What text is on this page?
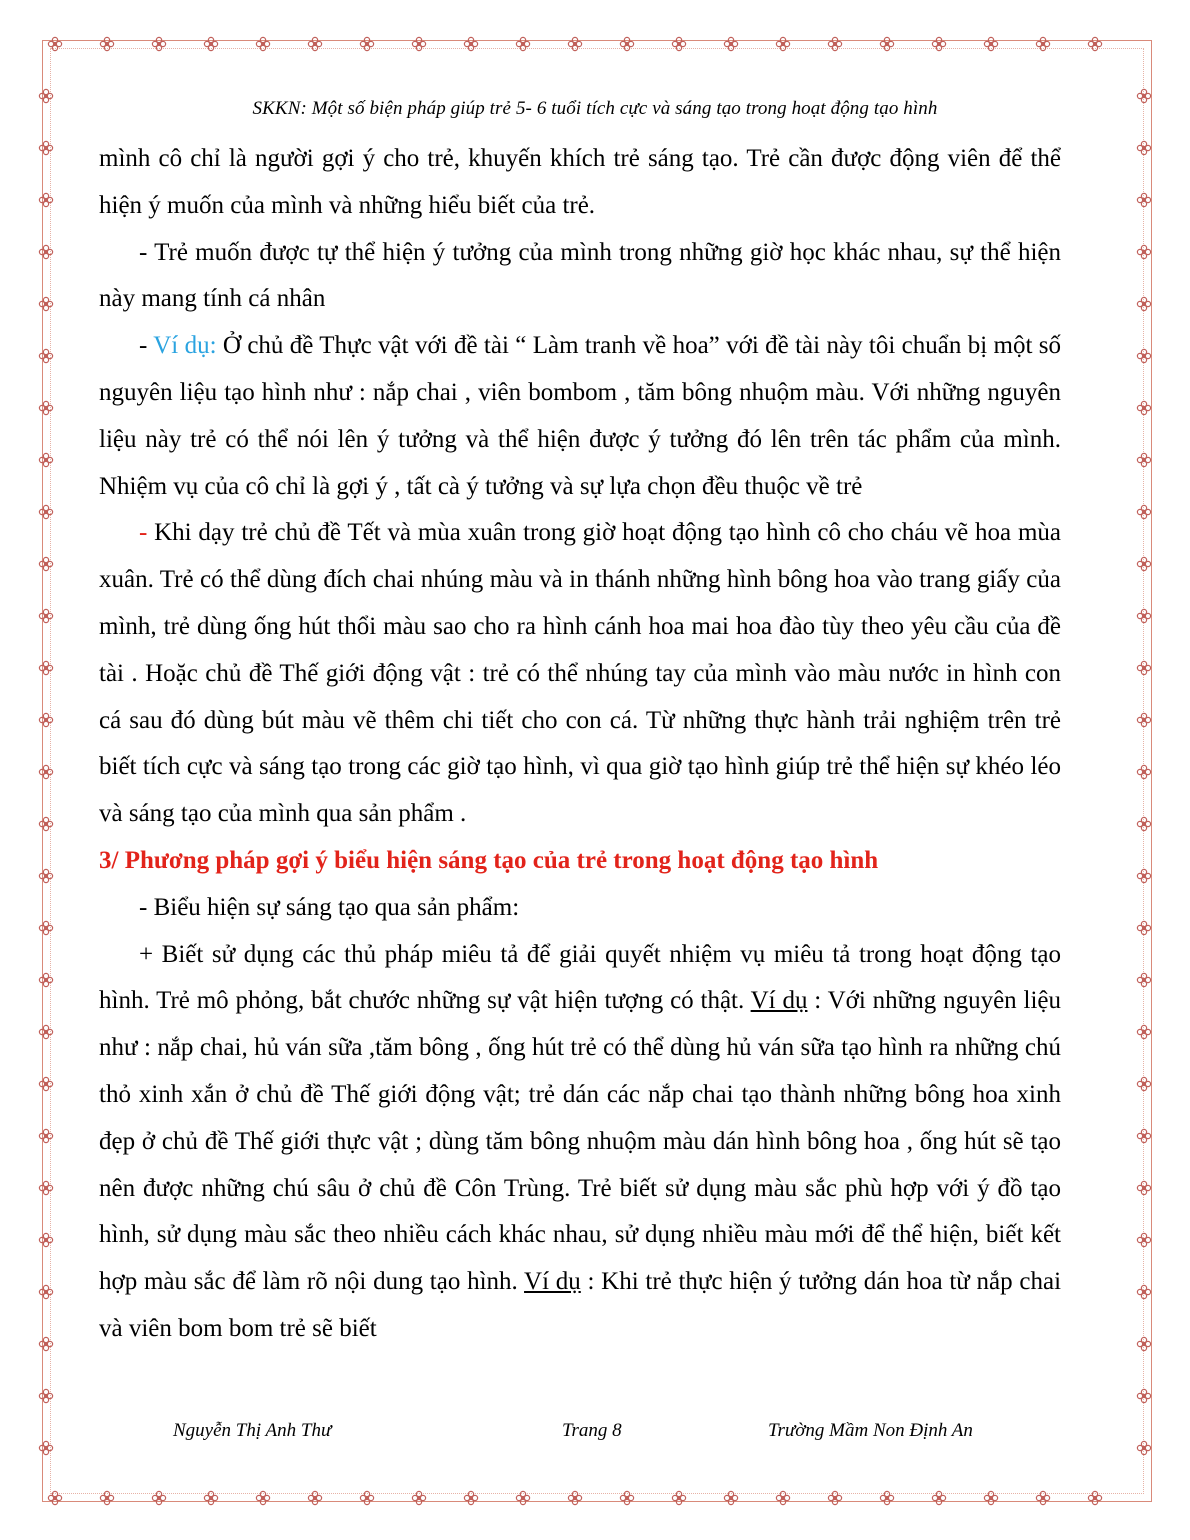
SKKN: Một số biện pháp giúp trẻ 5- 6 tuổi tích cực và sáng tạo trong hoạt động tạo hình

mình cô chỉ là người gợi ý cho trẻ, khuyến khích trẻ sáng tạo. Trẻ cần được động viên để thể hiện ý muốn của mình và những hiểu biết của trẻ.

- Trẻ muốn được tự thể hiện ý tưởng của mình trong những giờ học khác nhau, sự thể hiện này mang tính cá nhân

- Ví dụ: Ở chủ đề Thực vật với đề tài “ Làm tranh về hoa” với đề tài này tôi chuẩn bị một số nguyên liệu tạo hình như : nắp chai , viên bombom , tăm bông nhuộm màu. Với những nguyên liệu này trẻ có thể nói lên ý tưởng và thể hiện được ý tưởng đó lên trên tác phẩm của mình. Nhiệm vụ của cô chỉ là gợi ý , tất cà ý tưởng và sự lựa chọn đều thuộc về trẻ

- Khi dạy trẻ chủ đề Tết và mùa xuân trong giờ hoạt động tạo hình cô cho cháu vẽ hoa mùa xuân. Trẻ có thể dùng đích chai nhúng màu và in thánh những hình bông hoa vào trang giấy của mình, trẻ dùng ống hút thổi màu sao cho ra hình cánh hoa mai hoa đào tùy theo yêu cầu của đề tài . Hoặc chủ đề Thế giới động vật : trẻ có thể nhúng tay của mình vào màu nước in hình con cá sau đó dùng bút màu vẽ thêm chi tiết cho con cá. Từ những thực hành trải nghiệm trên trẻ biết tích cực và sáng tạo trong các giờ tạo hình, vì qua giờ tạo hình giúp trẻ thể hiện sự khéo léo và sáng tạo của mình qua sản phẩm .

3/ Phương pháp gợi ý biểu hiện sáng tạo của trẻ trong hoạt động tạo hình

- Biểu hiện sự sáng tạo qua sản phẩm:

+ Biết sử dụng các thủ pháp miêu tả để giải quyết nhiệm vụ miêu tả trong hoạt động tạo hình. Trẻ mô phỏng, bắt chước những sự vật hiện tượng có thật. Ví dụ : Với những nguyên liệu như : nắp chai, hủ ván sữa ,tăm bông , ống hút trẻ có thể dùng hủ ván sữa tạo hình ra những chú thỏ xinh xắn ở chủ đề Thế giới động vật; trẻ dán các nắp chai tạo thành những bông hoa xinh đẹp ở chủ đề Thế giới thực vật ; dùng tăm bông nhuộm màu dán hình bông hoa , ống hút sẽ tạo nên được những chú sâu ở chủ đề Côn Trùng. Trẻ biết sử dụng màu sắc phù hợp với ý đồ tạo hình, sử dụng màu sắc theo nhiều cách khác nhau, sử dụng nhiều màu mới để thể hiện, biết kết hợp màu sắc để làm rõ nội dung tạo hình. Ví dụ : Khi trẻ thực hiện ý tưởng dán hoa từ nắp chai và viên bom bom trẻ sẽ biết

Nguyễn Thị Anh Thư	Trang 8	Trường Mầm Non Định An
